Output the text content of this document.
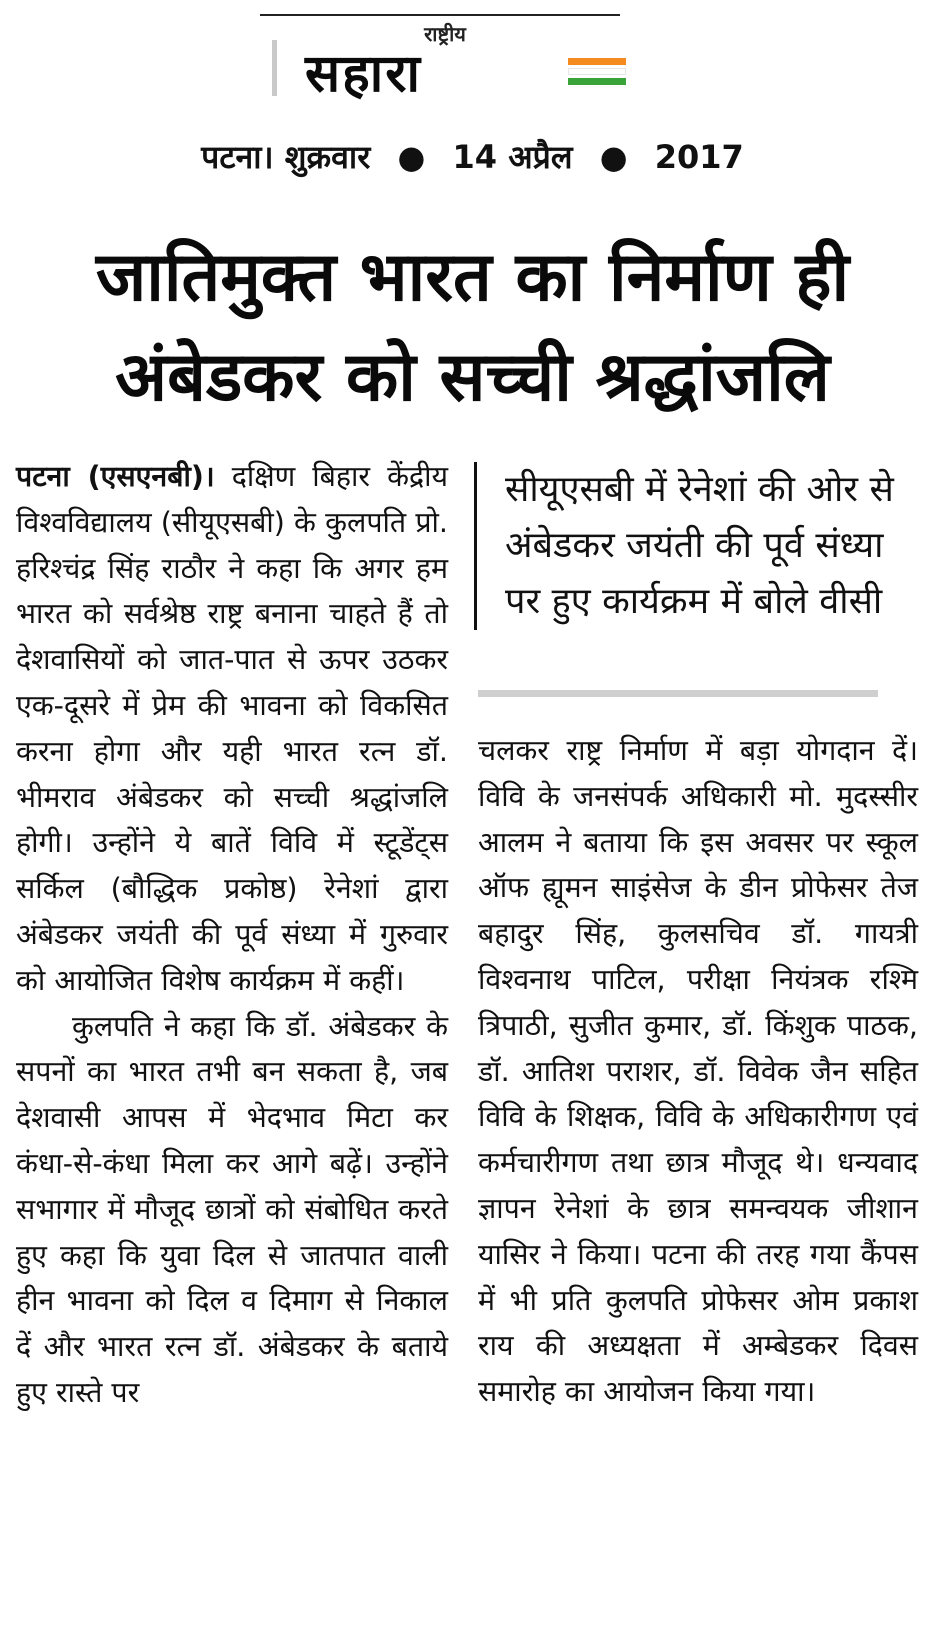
राष्ट्रीय
सहारा
पटना। शुक्रवार ● 14 अप्रैल ● 2017
जातिमुक्त भारत का निर्माण ही
अंबेडकर को सच्ची श्रद्धांजलि

पटना (एसएनबी)। दक्षिण बिहार केंद्रीय विश्वविद्यालय (सीयूएसबी) के कुलपति प्रो. हरिश्चंद्र सिंह राठौर ने कहा कि अगर हम भारत को सर्वश्रेष्ठ राष्ट्र बनाना चाहते हैं तो देशवासियों को जात-पात से ऊपर उठकर एक-दूसरे में प्रेम की भावना को विकसित करना होगा और यही भारत रत्न डॉ. भीमराव अंबेडकर को सच्ची श्रद्धांजलि होगी। उन्होंने ये बातें विवि में स्टूडेंट्स सर्किल (बौद्धिक प्रकोष्ठ) रेनेशां द्वारा अंबेडकर जयंती की पूर्व संध्या में गुरुवार को आयोजित विशेष कार्यक्रम में कहीं।

कुलपति ने कहा कि डॉ. अंबेडकर के सपनों का भारत तभी बन सकता है, जब देशवासी आपस में भेदभाव मिटा कर कंधा-से-कंधा मिला कर आगे बढ़ें। उन्होंने सभागार में मौजूद छात्रों को संबोधित करते हुए कहा कि युवा दिल से जातपात वाली हीन भावना को दिल व दिमाग से निकाल दें और भारत रत्न डॉ. अंबेडकर के बताये हुए रास्ते पर

सीयूएसबी में रेनेशां की ओर से अंबेडकर जयंती की पूर्व संध्या पर हुए कार्यक्रम में बोले वीसी

चलकर राष्ट्र निर्माण में बड़ा योगदान दें। विवि के जनसंपर्क अधिकारी मो. मुदस्सीर आलम ने बताया कि इस अवसर पर स्कूल ऑफ ह्यूमन साइंसेज के डीन प्रोफेसर तेज बहादुर सिंह, कुलसचिव डॉ. गायत्री विश्वनाथ पाटिल, परीक्षा नियंत्रक रश्मि त्रिपाठी, सुजीत कुमार, डॉ. किंशुक पाठक, डॉ. आतिश पराशर, डॉ. विवेक जैन सहित विवि के शिक्षक, विवि के अधिकारीगण एवं कर्मचारीगण तथा छात्र मौजूद थे। धन्यवाद ज्ञापन रेनेशां के छात्र समन्वयक जीशान यासिर ने किया। पटना की तरह गया कैंपस में भी प्रति कुलपति प्रोफेसर ओम प्रकाश राय की अध्यक्षता में अम्बेडकर दिवस समारोह का आयोजन किया गया।
